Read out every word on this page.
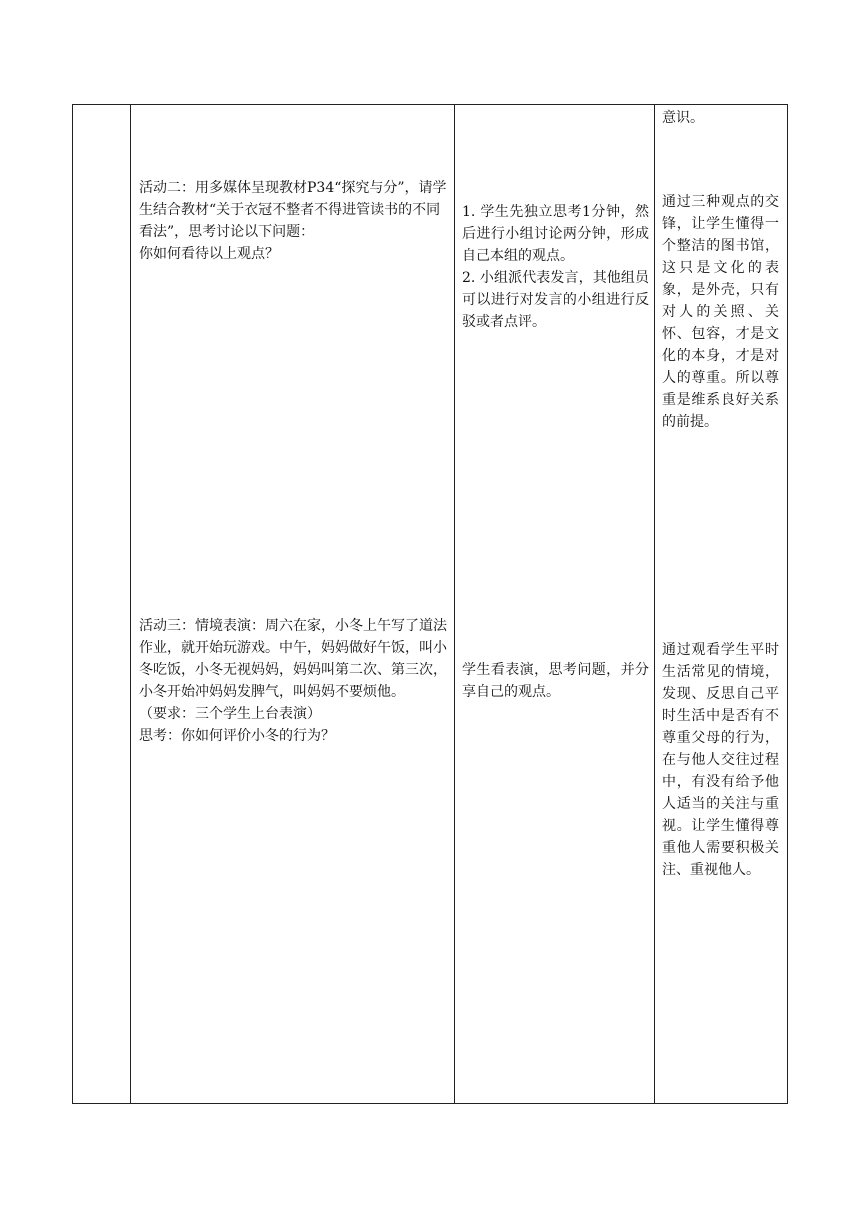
意识。

活动二：用多媒体呈现教材P34“探究与分”，请学生结合教材“关于衣冠不整者不得进管读书的不同看法”，思考讨论以下问题：

你如何看待以上观点？

1. 学生先独立思考1分钟，然后进行小组讨论两分钟，形成自己本组的观点。

2. 小组派代表发言，其他组员可以进行对发言的小组进行反驳或者点评。

通过三种观点的交锋，让学生懂得一个整洁的图书馆，这只是文化的表象，是外壳，只有对人的关照、关怀、包容，才是文化的本身，才是对人的尊重。所以尊重是维系良好关系的前提。

活动三：情境表演：周六在家，小冬上午写了道法作业，就开始玩游戏。中午，妈妈做好午饭，叫小冬吃饭，小冬无视妈妈，妈妈叫第二次、第三次，小冬开始冲妈妈发脾气，叫妈妈不要烦他。

（要求：三个学生上台表演）

思考：你如何评价小冬的行为？

学生看表演，思考问题，并分享自己的观点。
通过观看学生平时生活常见的情境，发现、反思自己平时生活中是否有不尊重父母的行为，在与他人交往过程中，有没有给予他人适当的关注与重视。让学生懂得尊重他人需要积极关注、重视他人。
